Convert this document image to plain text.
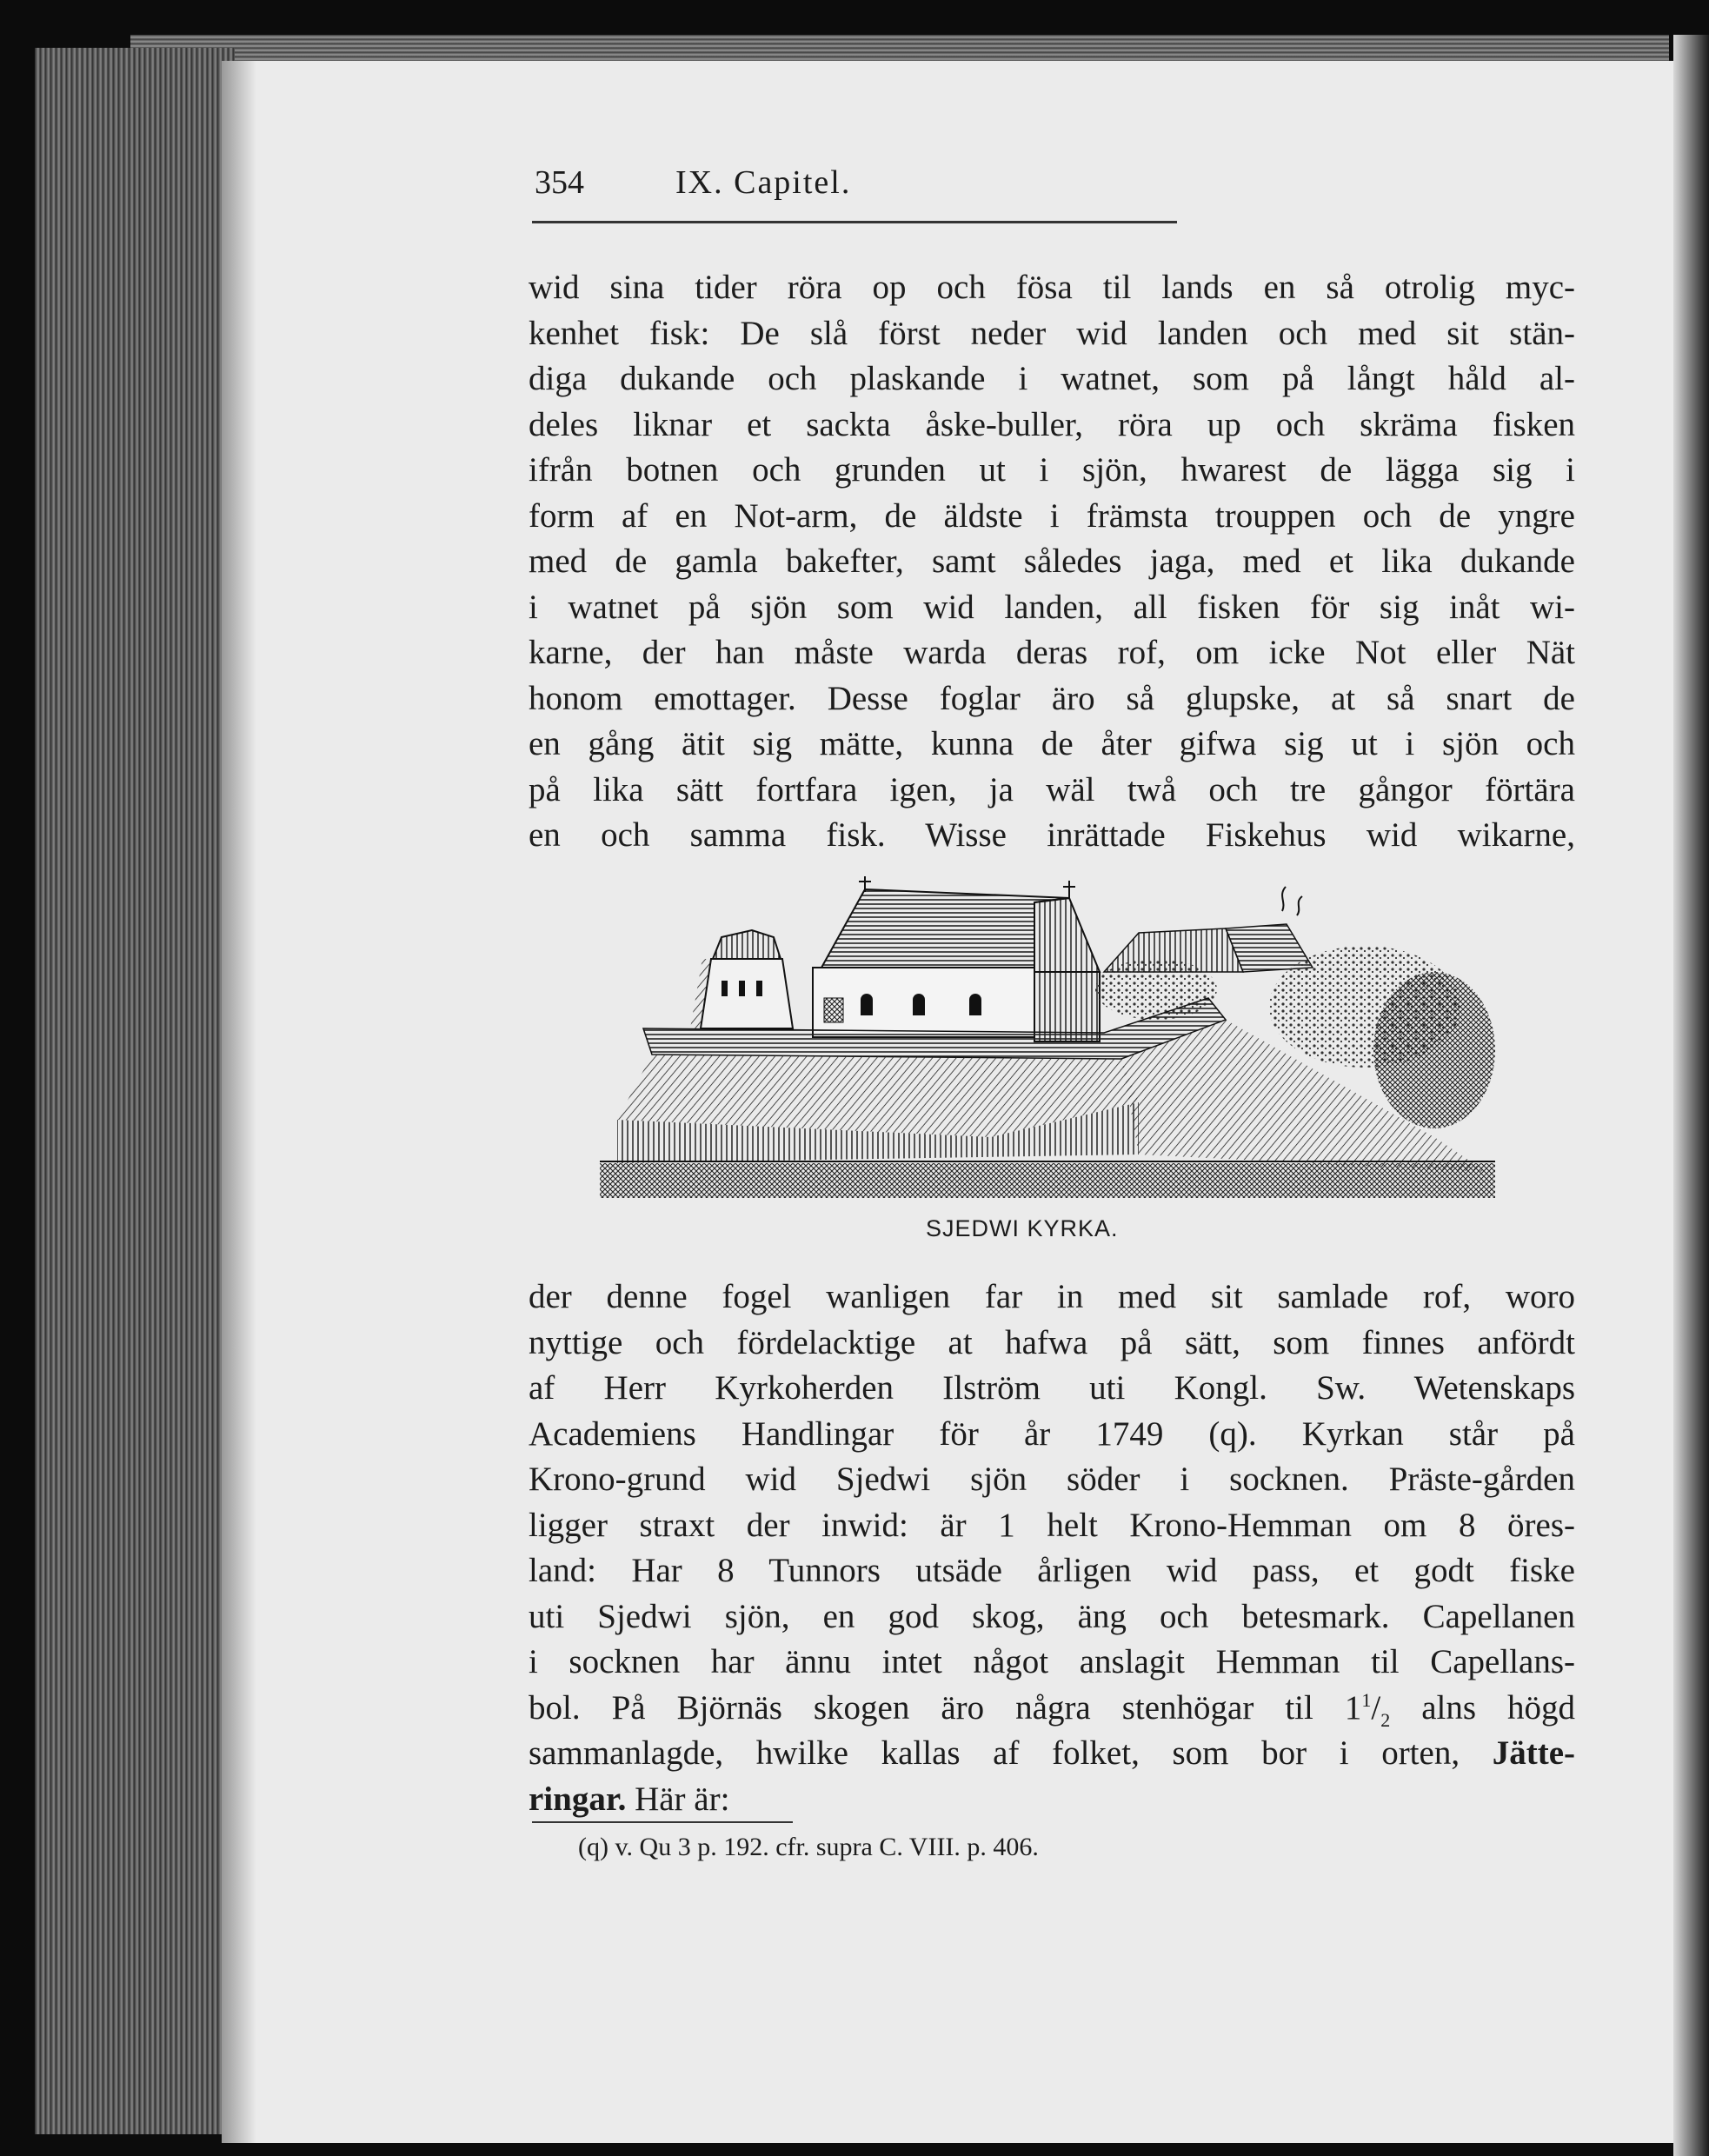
354	IX. Capitel.
wid sina tider röra op och fösa til lands en så otrolig myc-
kenhet fisk: De slå först neder wid landen och med sit stän-
diga dukande och plaskande i watnet, som på långt håld al-
deles liknar et sackta åske-buller, röra up och skräma fisken
ifrån botnen och grunden ut i sjön, hwarest de lägga sig i
form af en Not-arm, de äldste i främsta trouppen och de yngre
med de gamla bakefter, samt således jaga, med et lika dukande
i watnet på sjön som wid landen, all fisken för sig inåt wi-
karne, der han måste warda deras rof, om icke Not eller Nät
honom emottager. Desse foglar äro så glupske, at så snart de
en gång ätit sig mätte, kunna de åter gifwa sig ut i sjön och
på lika sätt fortfara igen, ja wäl twå och tre gångor förtära
en och samma fisk. Wisse inrättade Fiskehus wid wikarne,
SJEDWI KYRKA.
der denne fogel wanligen far in med sit samlade rof, woro
nyttige och fördelacktige at hafwa på sätt, som finnes anfördt
af Herr Kyrkoherden Ilström uti Kongl. Sw. Wetenskaps
Academiens Handlingar för år 1749 (q). Kyrkan står på
Krono-grund wid Sjedwi sjön söder i socknen. Präste-gården
ligger straxt der inwid: är 1 helt Krono-Hemman om 8 öres-
land: Har 8 Tunnors utsäde årligen wid pass, et godt fiske
uti Sjedwi sjön, en god skog, äng och betesmark. Capellanen
i socknen har ännu intet något anslagit Hemman til Capellans-
bol. På Björnäs skogen äro några stenhögar til $1^1/_2$ alns högd
sammanlagde, hwilke kallas af folket, som bor i orten, Jätte-
ringar. Här är:
(q) v. Qu 3 p. 192. cfr. supra C. VIII. p. 406.
